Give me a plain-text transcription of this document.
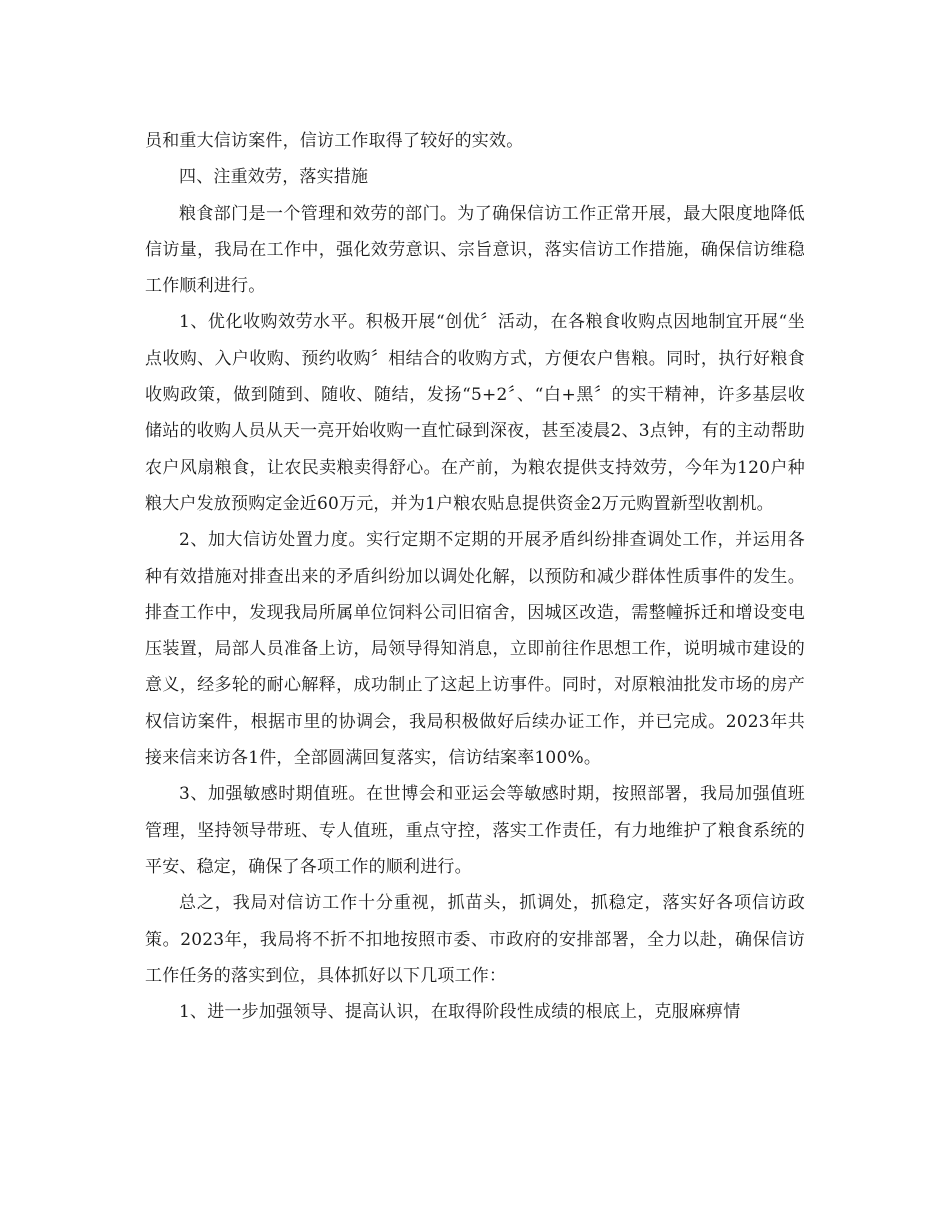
员和重大信访案件，信访工作取得了较好的实效。

四、注重效劳，落实措施

粮食部门是一个管理和效劳的部门。为了确保信访工作正常开展，最大限度地降低信访量，我局在工作中，强化效劳意识、宗旨意识，落实信访工作措施，确保信访维稳工作顺利进行。

1、优化收购效劳水平。积极开展“创优〞活动，在各粮食收购点因地制宜开展“坐点收购、入户收购、预约收购〞相结合的收购方式，方便农户售粮。同时，执行好粮食收购政策，做到随到、随收、随结，发扬“5+2〞、“白+黑〞的实干精神，许多基层收储站的收购人员从天一亮开始收购一直忙碌到深夜，甚至凌晨2、3点钟，有的主动帮助农户风扇粮食，让农民卖粮卖得舒心。在产前，为粮农提供支持效劳，今年为120户种粮大户发放预购定金近60万元，并为1户粮农贴息提供资金2万元购置新型收割机。

2、加大信访处置力度。实行定期不定期的开展矛盾纠纷排查调处工作，并运用各种有效措施对排查出来的矛盾纠纷加以调处化解，以预防和减少群体性质事件的发生。排查工作中，发现我局所属单位饲料公司旧宿舍，因城区改造，需整幢拆迁和增设变电压装置，局部人员准备上访，局领导得知消息，立即前往作思想工作，说明城市建设的意义，经多轮的耐心解释，成功制止了这起上访事件。同时，对原粮油批发市场的房产权信访案件，根据市里的协调会，我局积极做好后续办证工作，并已完成。2023年共接来信来访各1件，全部圆满回复落实，信访结案率100%。

3、加强敏感时期值班。在世博会和亚运会等敏感时期，按照部署，我局加强值班管理，坚持领导带班、专人值班，重点守控，落实工作责任，有力地维护了粮食系统的平安、稳定，确保了各项工作的顺利进行。

总之，我局对信访工作十分重视，抓苗头，抓调处，抓稳定，落实好各项信访政策。2023年，我局将不折不扣地按照市委、市政府的安排部署，全力以赴，确保信访工作任务的落实到位，具体抓好以下几项工作：

1、进一步加强领导、提高认识，在取得阶段性成绩的根底上，克服麻痹情
